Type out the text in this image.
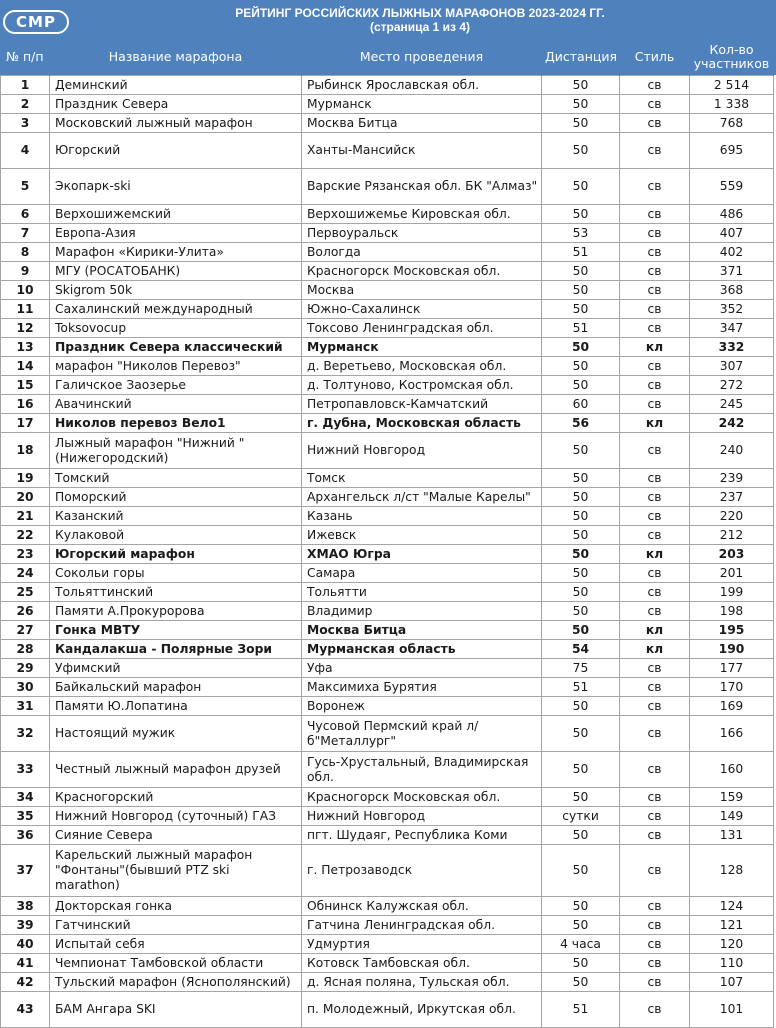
СМР	РЕЙТИНГ РОССИЙСКИХ ЛЫЖНЫХ МАРАФОНОВ 2023-2024 ГГ.
(страница 1 из 4)
№ п/п	Название марафона	Место проведения	Дистанция	Стиль	Кол-во участников
1	Деминский	Рыбинск Ярославская обл.	50	св	2 514
2	Праздник Севера	Мурманск	50	св	1 338
3	Московский лыжный марафон	Москва Битца	50	св	768
4	Югорский	Ханты-Мансийск	50	св	695
5	Экопарк-ski	Варские Рязанская обл. БК "Алмаз"	50	св	559
6	Верхошижемский	Верхошижемье Кировская обл.	50	св	486
7	Европа-Азия	Первоуральск	53	св	407
8	Марафон «Кирики-Улита»	Вологда	51	св	402
9	МГУ (РОСАТОБАНК)	Красногорск Московская обл.	50	св	371
10	Skigrom 50k	Москва	50	св	368
11	Сахалинский международный	Южно-Сахалинск	50	св	352
12	Toksovocup	Токсово Ленинградская обл.	51	св	347
13	Праздник Севера классический	Мурманск	50	кл	332
14	марафон "Николов Перевоз"	д. Веретьево, Московская обл.	50	св	307
15	Галичское Заозерье	д. Толтуново, Костромская обл.	50	св	272
16	Авачинский	Петропавловск-Камчатский	60	св	245
17	Николов перевоз Вело1	г. Дубна, Московская область	56	кл	242
18	Лыжный марафон "Нижний " (Нижегородский)	Нижний Новгород	50	св	240
19	Томский	Томск	50	св	239
20	Поморский	Архангельск л/ст "Малые Карелы"	50	св	237
21	Казанский	Казань	50	св	220
22	Кулаковой	Ижевск	50	св	212
23	Югорский марафон	ХМАО Югра	50	кл	203
24	Сокольи горы	Самара	50	св	201
25	Тольяттинский	Тольятти	50	св	199
26	Памяти А.Прокуророва	Владимир	50	св	198
27	Гонка МВТУ	Москва Битца	50	кл	195
28	Кандалакша - Полярные Зори	Мурманская область	54	кл	190
29	Уфимский	Уфа	75	св	177
30	Байкальский марафон	Максимиха Бурятия	51	св	170
31	Памяти Ю.Лопатина	Воронеж	50	св	169
32	Настоящий мужик	Чусовой Пермский край л/б"Металлург"	50	св	166
33	Честный лыжный марафон друзей	Гусь-Хрустальный, Владимирская обл.	50	св	160
34	Красногорский	Красногорск Московская обл.	50	св	159
35	Нижний Новгород (суточный) ГАЗ	Нижний Новгород	сутки	св	149
36	Сияние Севера	пгт. Шудаяг, Республика Коми	50	св	131
37	Карельский лыжный марафон "Фонтаны"(бывший PTZ ski marathon)	г. Петрозаводск	50	св	128
38	Докторская гонка	Обнинск Калужская обл.	50	св	124
39	Гатчинский	Гатчина Ленинградская обл.	50	св	121
40	Испытай себя	Удмуртия	4 часа	св	120
41	Чемпионат Тамбовской области	Котовск Тамбовская обл.	50	св	110
42	Тульский марафон (Яснополянский)	д. Ясная поляна, Тульская обл.	50	св	107
43	БАМ Ангара SKI	п. Молодежный, Иркутская обл.	51	св	101
